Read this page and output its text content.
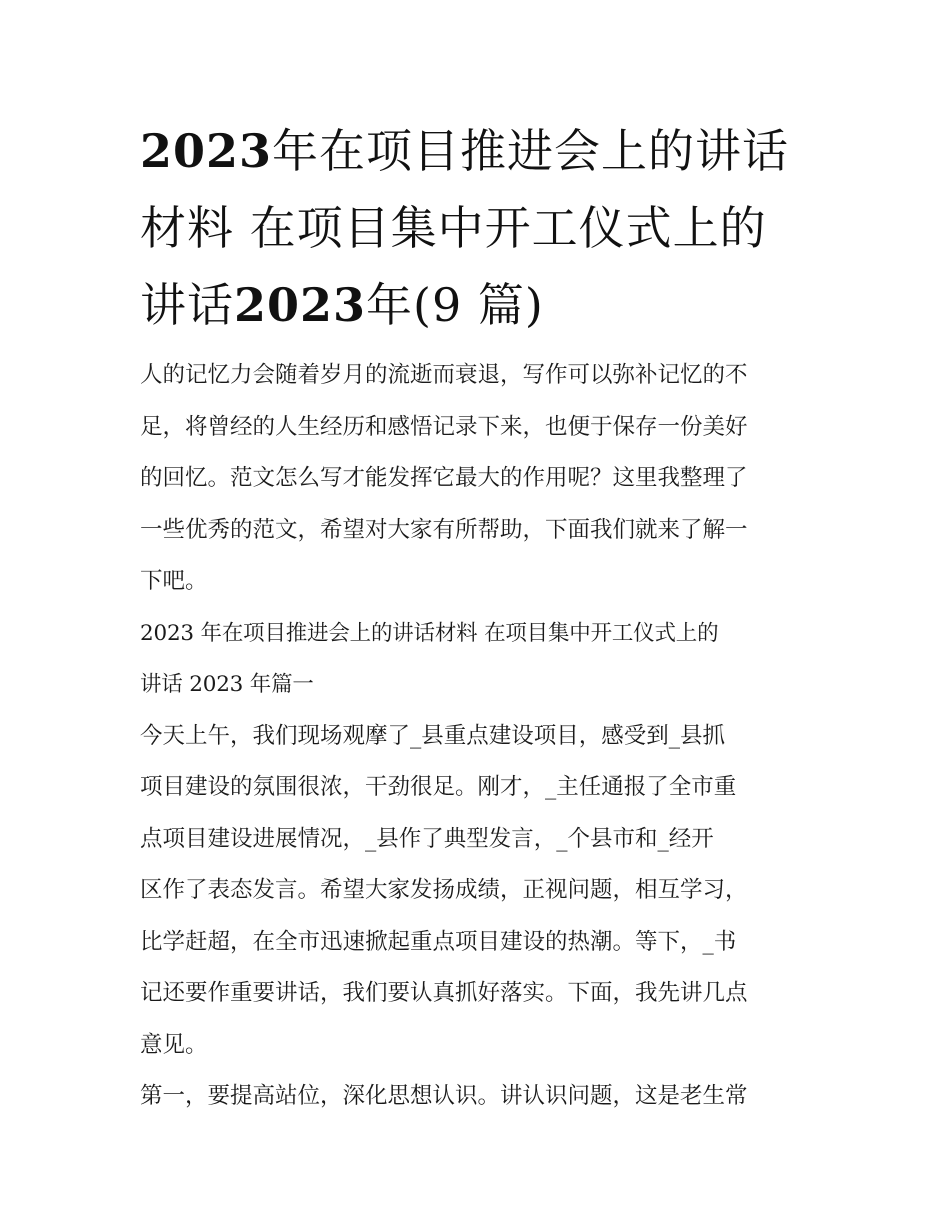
2023年在项目推进会上的讲话
材料 在项目集中开工仪式上的
讲话2023年(9 篇)

人的记忆力会随着岁月的流逝而衰退，写作可以弥补记忆的不
足，将曾经的人生经历和感悟记录下来，也便于保存一份美好
的回忆。范文怎么写才能发挥它最大的作用呢？这里我整理了
一些优秀的范文，希望对大家有所帮助，下面我们就来了解一
下吧。

2023 年在项目推进会上的讲话材料 在项目集中开工仪式上的
讲话 2023 年篇一

今天上午，我们现场观摩了_县重点建设项目，感受到_县抓
项目建设的氛围很浓，干劲很足。刚才，_主任通报了全市重
点项目建设进展情况，_县作了典型发言，_个县市和_经开
区作了表态发言。希望大家发扬成绩，正视问题，相互学习，
比学赶超，在全市迅速掀起重点项目建设的热潮。等下，_书
记还要作重要讲话，我们要认真抓好落实。下面，我先讲几点
意见。

第一，要提高站位，深化思想认识。讲认识问题，这是老生常
